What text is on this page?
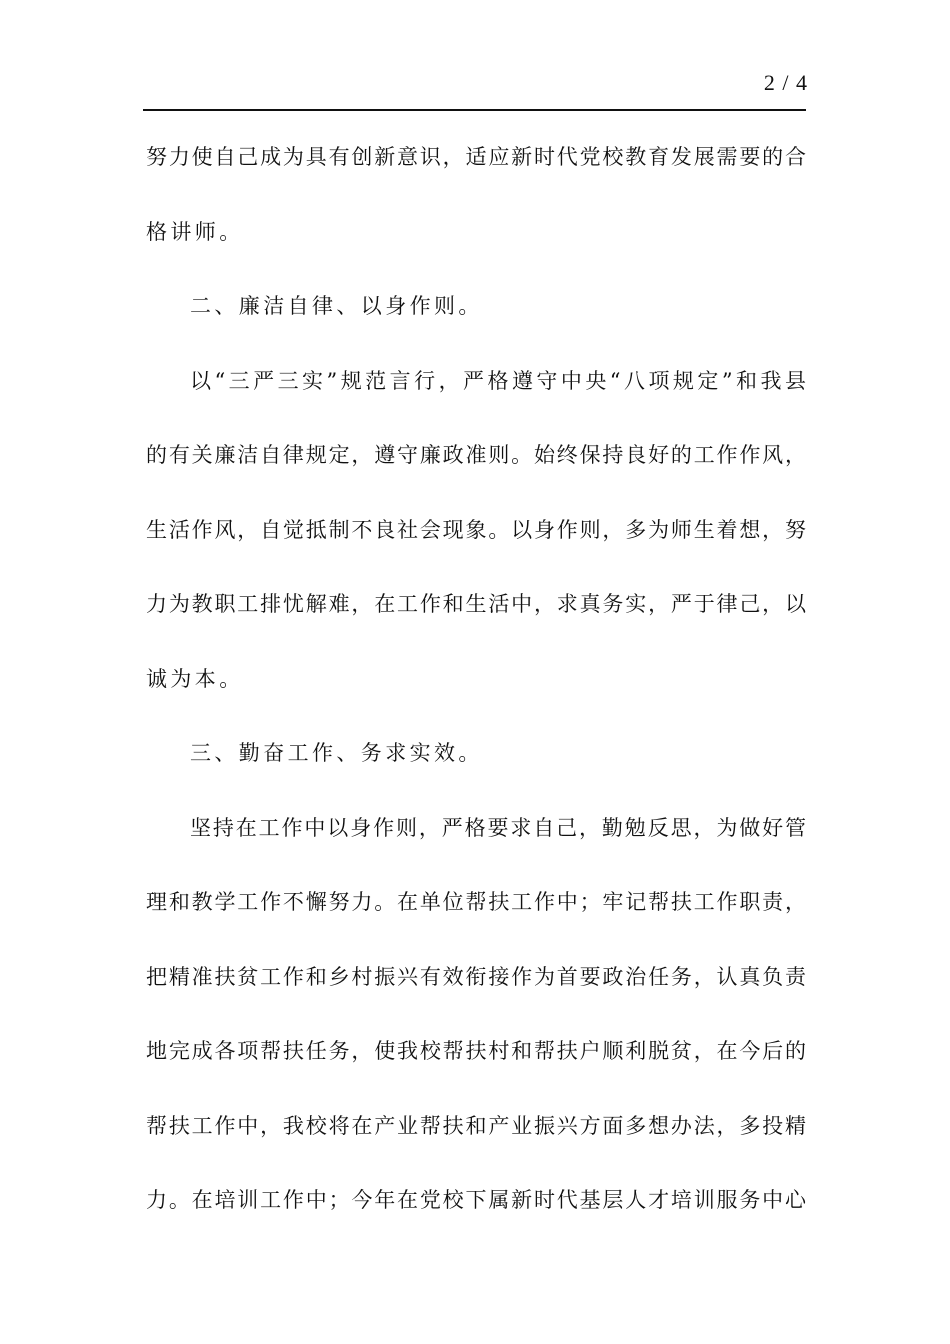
2 / 4
努力使自己成为具有创新意识，适应新时代党校教育发展需要的合
格讲师。
二、廉洁自律、以身作则。
以“三严三实”规范言行，严格遵守中央“八项规定”和我县
的有关廉洁自律规定，遵守廉政准则。始终保持良好的工作作风，
生活作风，自觉抵制不良社会现象。以身作则，多为师生着想，努
力为教职工排忧解难，在工作和生活中，求真务实，严于律己，以
诚为本。
三、勤奋工作、务求实效。
坚持在工作中以身作则，严格要求自己，勤勉反思，为做好管
理和教学工作不懈努力。在单位帮扶工作中；牢记帮扶工作职责，
把精准扶贫工作和乡村振兴有效衔接作为首要政治任务，认真负责
地完成各项帮扶任务，使我校帮扶村和帮扶户顺利脱贫，在今后的
帮扶工作中，我校将在产业帮扶和产业振兴方面多想办法，多投精
力。在培训工作中；今年在党校下属新时代基层人才培训服务中心
